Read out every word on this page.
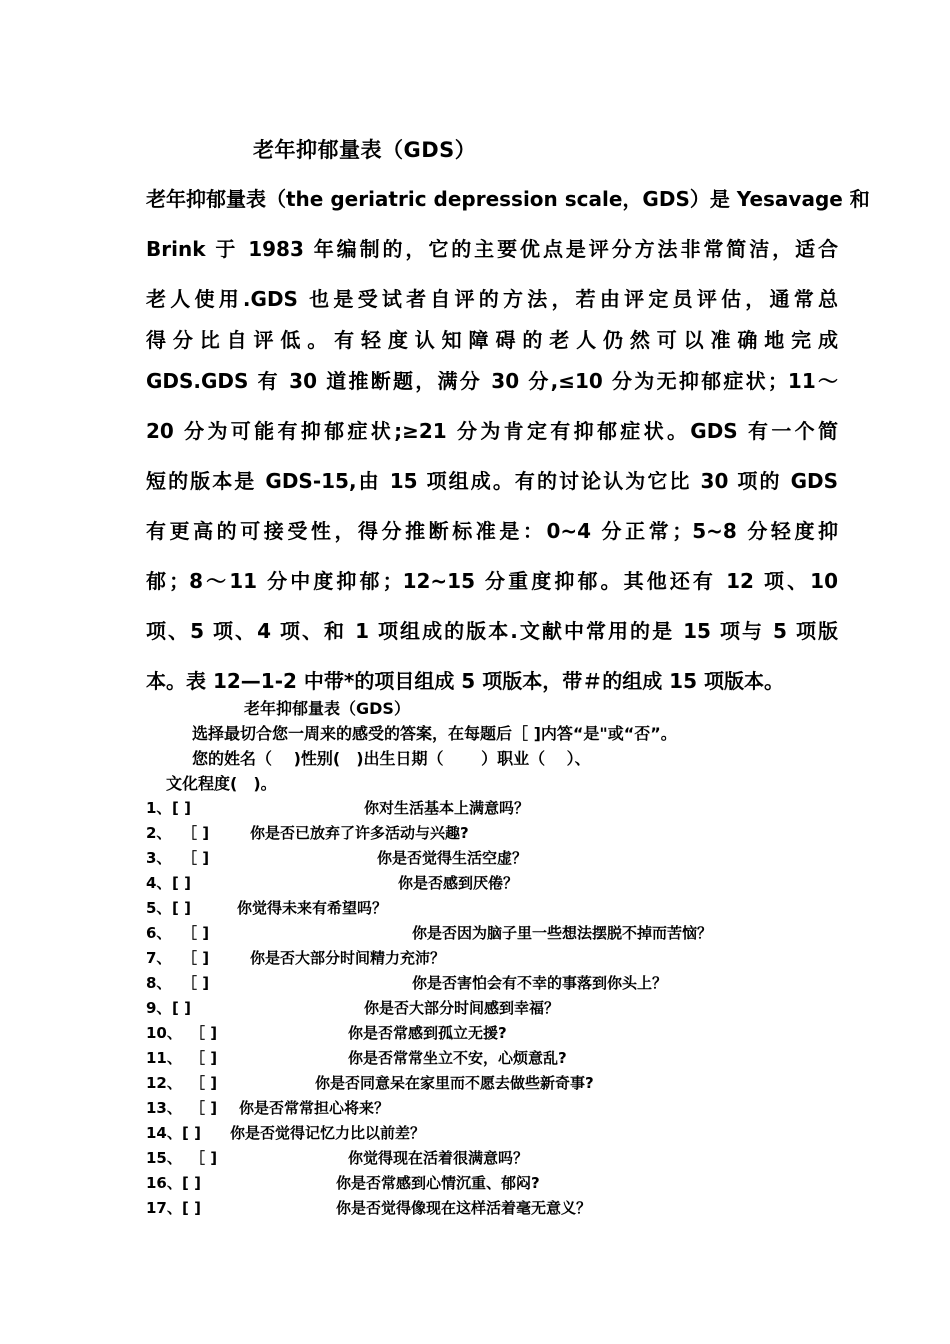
老年抑郁量表（GDS）
老年抑郁量表（the geriatric depression scale，GDS）是 Yesavage 和
Brink 于 1983 年编制的，它的主要优点是评分方法非常简洁，适合
老人使用.GDS 也是受试者自评的方法，若由评定员评估，通常总
得分比自评低。有轻度认知障碍的老人仍然可以准确地完成
GDS.GDS 有 30 道推断题，满分 30 分,≤10 分为无抑郁症状；11～
20 分为可能有抑郁症状;≥21 分为肯定有抑郁症状。GDS 有一个简
短的版本是 GDS-15,由 15 项组成。有的讨论认为它比 30 项的 GDS
有更高的可接受性，得分推断标准是：0~4 分正常；5~8 分轻度抑
郁；8～11 分中度抑郁；12~15 分重度抑郁。其他还有 12 项、10
项、5 项、4 项、和 1 项组成的版本.文献中常用的是 15 项与 5 项版
本。表 12—1-2 中带*的项目组成 5 项版本，带＃的组成 15 项版本。
老年抑郁量表（GDS）
选择最切合您一周来的感受的答案，在每题后［ ]内答“是"或“否”。
您的姓名（　 )性别(　)出生日期（　　 ）职业（　 ）、
文化程度(　)。
1、 [ ]	你对生活基本上满意吗？
2、 ［ ]	你是否已放弃了许多活动与兴趣?
3、 ［ ]	你是否觉得生活空虚？
4、 [ ]	你是否感到厌倦？
5、 [ ]	你觉得未来有希望吗？
6、 ［ ]	你是否因为脑子里一些想法摆脱不掉而苦恼？
7、 ［ ]	你是否大部分时间精力充沛？
8、 ［ ]	你是否害怕会有不幸的事落到你头上？
9、 [ ]	你是否大部分时间感到幸福？
10、 ［ ]	你是否常感到孤立无援?
11、 ［ ]	你是否常常坐立不安，心烦意乱?
12、 ［ ]	你是否同意呆在家里而不愿去做些新奇事?
13、 ［ ] 你是否常常担心将来？
14、 [ ] 你是否觉得记忆力比以前差？
15、 ［ ]	你觉得现在活着很满意吗？
16、 [ ]	你是否常感到心情沉重、郁闷?
17、 [ ]	你是否觉得像现在这样活着毫无意义？
